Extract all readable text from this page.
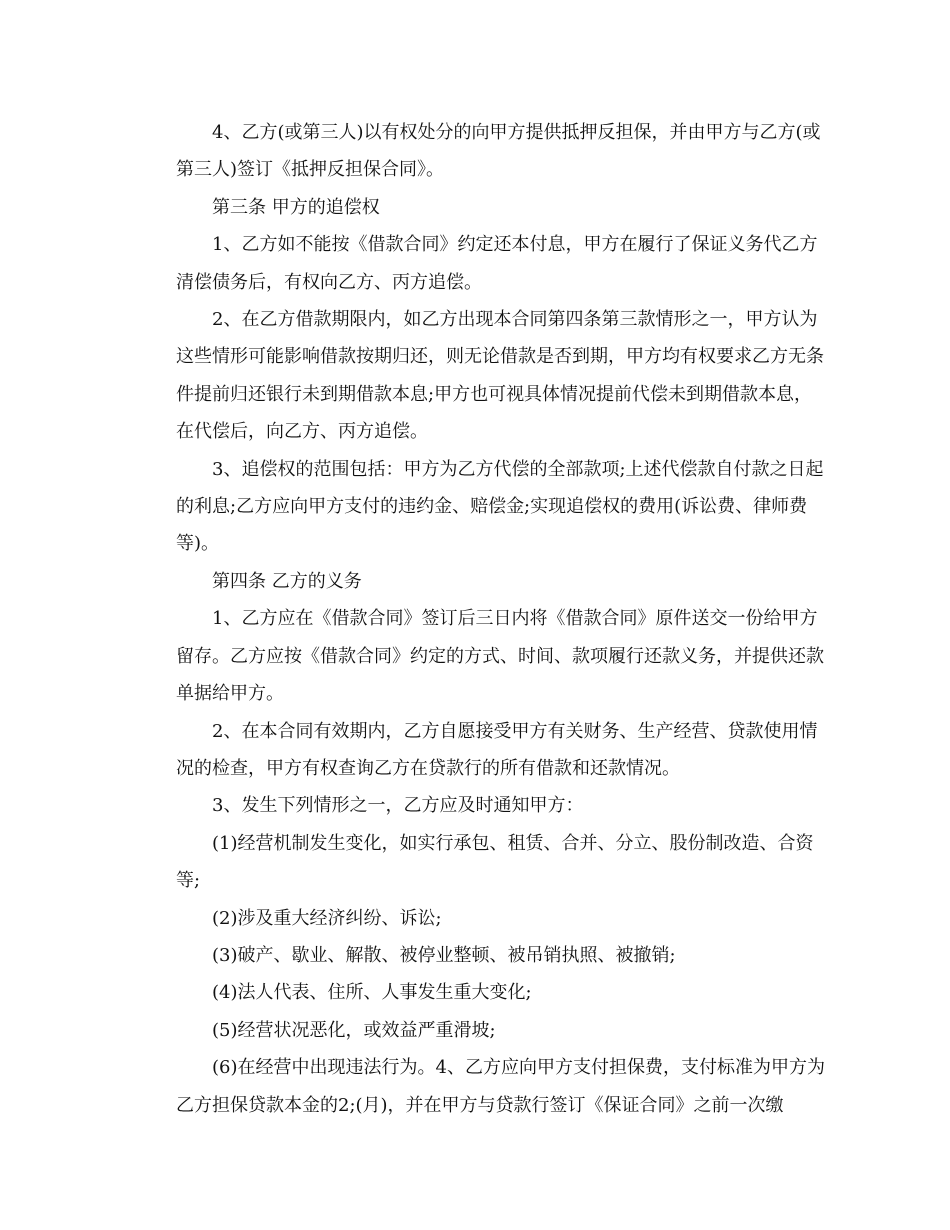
4、乙方(或第三人)以有权处分的向甲方提供抵押反担保，并由甲方与乙方(或
第三人)签订《抵押反担保合同》。
第三条 甲方的追偿权
1、乙方如不能按《借款合同》约定还本付息，甲方在履行了保证义务代乙方
清偿债务后，有权向乙方、丙方追偿。
2、在乙方借款期限内，如乙方出现本合同第四条第三款情形之一，甲方认为
这些情形可能影响借款按期归还，则无论借款是否到期，甲方均有权要求乙方无条
件提前归还银行未到期借款本息;甲方也可视具体情况提前代偿未到期借款本息，
在代偿后，向乙方、丙方追偿。
3、追偿权的范围包括：甲方为乙方代偿的全部款项;上述代偿款自付款之日起
的利息;乙方应向甲方支付的违约金、赔偿金;实现追偿权的费用(诉讼费、律师费
等)。
第四条 乙方的义务
1、乙方应在《借款合同》签订后三日内将《借款合同》原件送交一份给甲方
留存。乙方应按《借款合同》约定的方式、时间、款项履行还款义务，并提供还款
单据给甲方。
2、在本合同有效期内，乙方自愿接受甲方有关财务、生产经营、贷款使用情
况的检查，甲方有权查询乙方在贷款行的所有借款和还款情况。
3、发生下列情形之一，乙方应及时通知甲方：
(1)经营机制发生变化，如实行承包、租赁、合并、分立、股份制改造、合资
等;
(2)涉及重大经济纠纷、诉讼;
(3)破产、歇业、解散、被停业整顿、被吊销执照、被撤销;
(4)法人代表、住所、人事发生重大变化;
(5)经营状况恶化，或效益严重滑坡;
(6)在经营中出现违法行为。4、乙方应向甲方支付担保费，支付标准为甲方为
乙方担保贷款本金的2;(月)，并在甲方与贷款行签订《保证合同》之前一次缴
